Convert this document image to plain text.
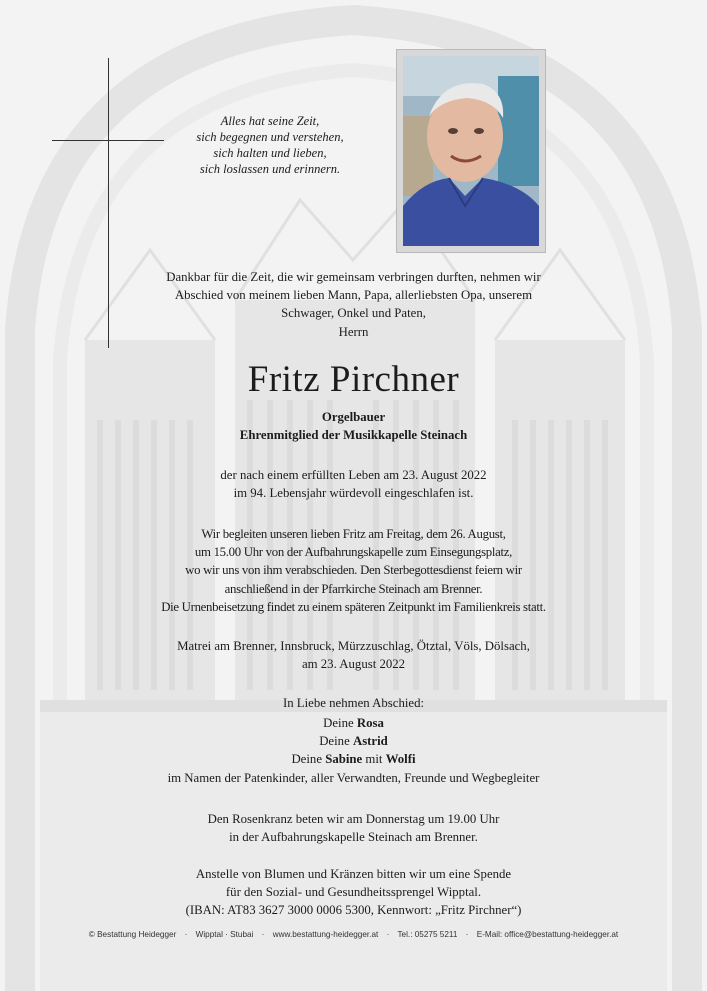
Alles hat seine Zeit,
sich begegnen und verstehen,
sich halten und lieben,
sich loslassen und erinnern.
Dankbar für die Zeit, die wir gemeinsam verbringen durften, nehmen wir
Abschied von meinem lieben Mann, Papa, allerliebsten Opa, unserem
Schwager, Onkel und Paten,
Herrn
Fritz Pirchner
Orgelbauer
Ehrenmitglied der Musikkapelle Steinach
der nach einem erfüllten Leben am 23. August 2022
im 94. Lebensjahr würdevoll eingeschlafen ist.
Wir begleiten unseren lieben Fritz am Freitag, dem 26. August,
um 15.00 Uhr von der Aufbahrungskapelle zum Einsegungsplatz,
wo wir uns von ihm verabschieden. Den Sterbegottesdienst feiern wir
anschließend in der Pfarrkirche Steinach am Brenner.
Die Urnenbeisetzung findet zu einem späteren Zeitpunkt im Familienkreis statt.
Matrei am Brenner, Innsbruck, Mürzzuschlag, Ötztal, Völs, Dölsach,
am 23. August 2022
In Liebe nehmen Abschied:
Deine Rosa
Deine Astrid
Deine Sabine mit Wolfi
im Namen der Patenkinder, aller Verwandten, Freunde und Wegbegleiter
Den Rosenkranz beten wir am Donnerstag um 19.00 Uhr
in der Aufbahrungskapelle Steinach am Brenner.
Anstelle von Blumen und Kränzen bitten wir um eine Spende
für den Sozial- und Gesundheitssprengel Wipptal.
(IBAN: AT83 3627 3000 0006 5300, Kennwort: „Fritz Pirchner“)
© Bestattung Heidegger · Wipptal · Stubai · www.bestattung-heidegger.at · Tel.: 05275 5211 · E-Mail: office@bestattung-heidegger.at
